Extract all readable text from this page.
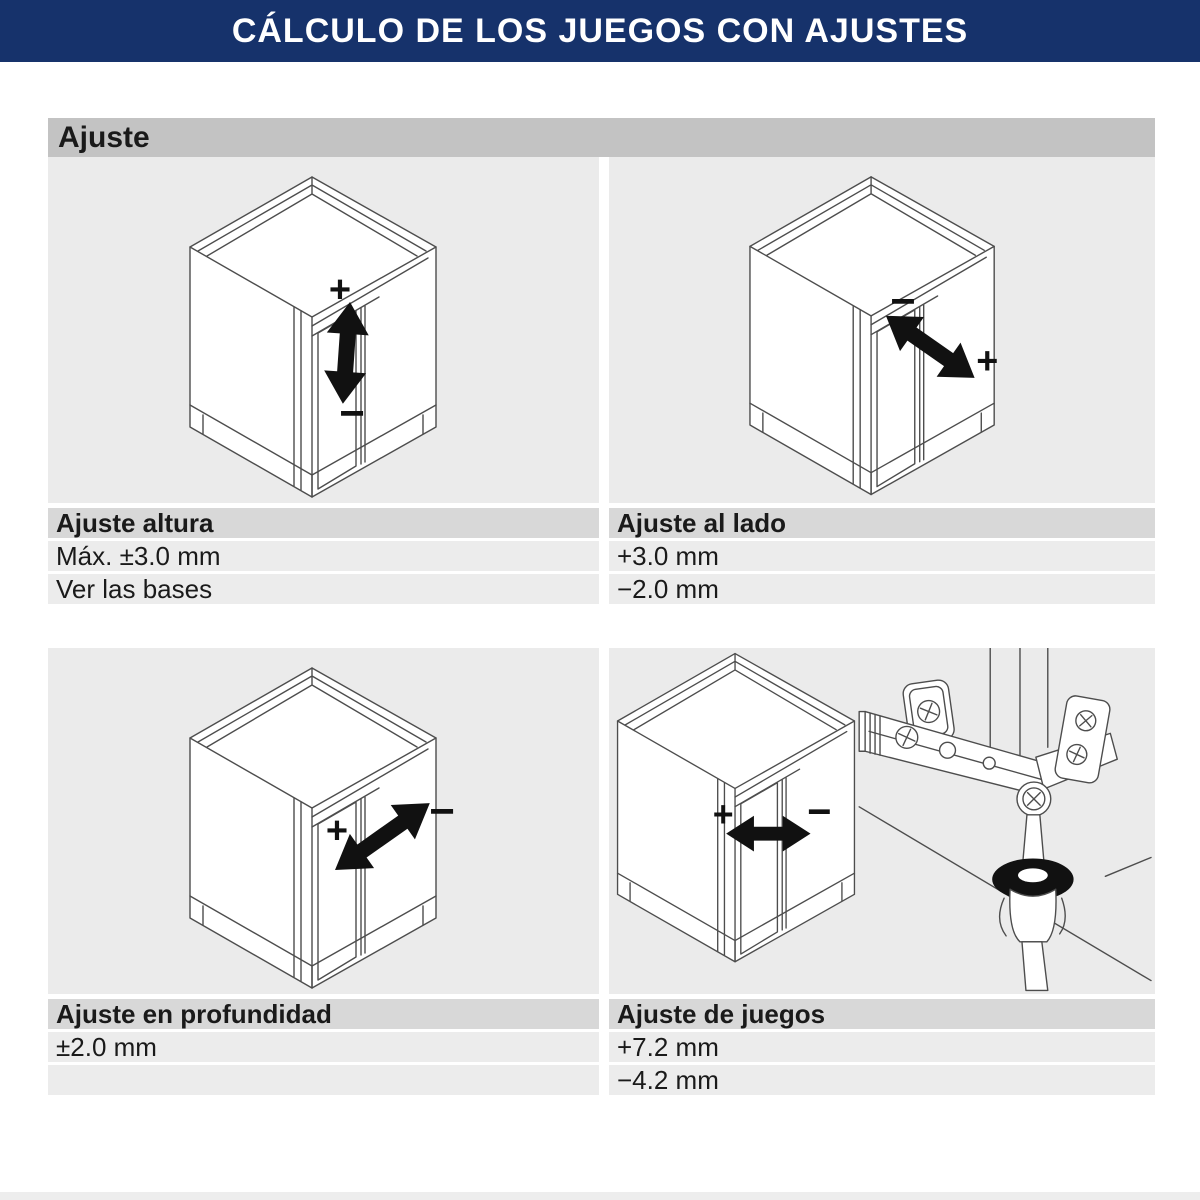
CÁLCULO DE LOS JUEGOS CON AJUSTES
Ajuste
+
−
Ajuste altura
Máx. ±3.0 mm
Ver las bases
−
+
Ajuste al lado
+3.0 mm
−2.0 mm
+ −
Ajuste en profundidad
±2.0 mm
+ −
Ajuste de juegos
+7.2 mm
−4.2 mm
